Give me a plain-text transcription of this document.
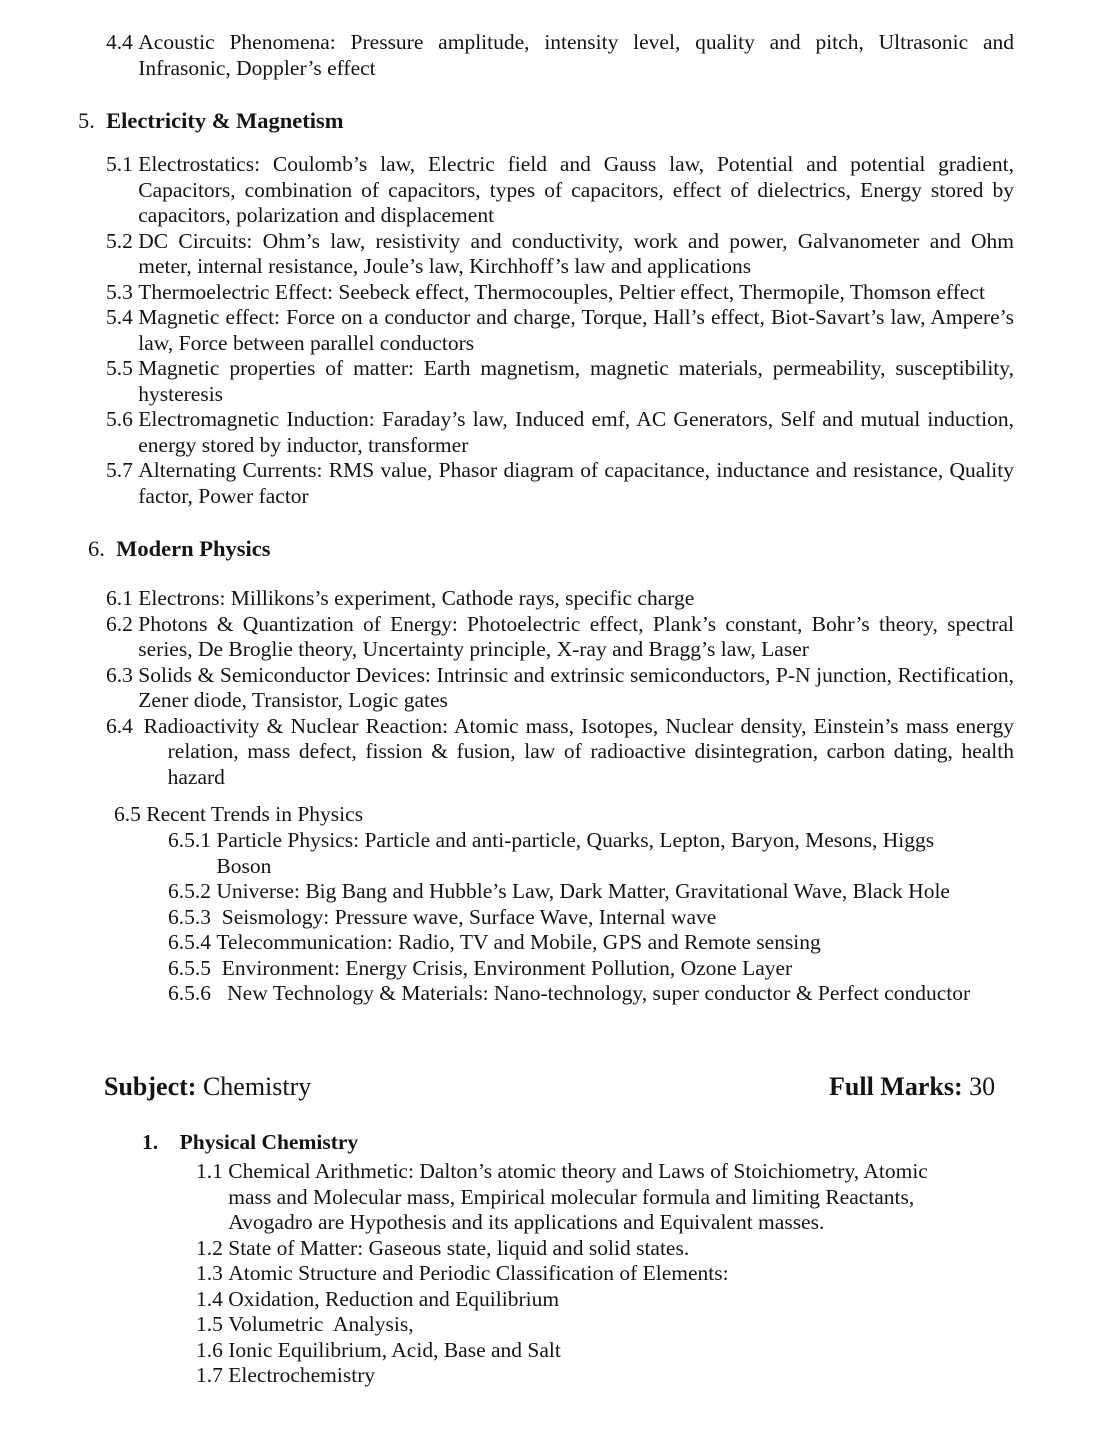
4.4 Acoustic Phenomena: Pressure amplitude, intensity level, quality and pitch, Ultrasonic and Infrasonic, Doppler’s effect
5. Electricity & Magnetism
5.1 Electrostatics: Coulomb’s law, Electric field and Gauss law, Potential and potential gradient, Capacitors, combination of capacitors, types of capacitors, effect of dielectrics, Energy stored by capacitors, polarization and displacement
5.2 DC Circuits: Ohm’s law, resistivity and conductivity, work and power, Galvanometer and Ohm meter, internal resistance, Joule’s law, Kirchhoff’s law and applications
5.3 Thermoelectric Effect: Seebeck effect, Thermocouples, Peltier effect, Thermopile, Thomson effect
5.4 Magnetic effect: Force on a conductor and charge, Torque, Hall’s effect, Biot-Savart’s law, Ampere’s law, Force between parallel conductors
5.5 Magnetic properties of matter: Earth magnetism, magnetic materials, permeability, susceptibility, hysteresis
5.6 Electromagnetic Induction: Faraday’s law, Induced emf, AC Generators, Self and mutual induction, energy stored by inductor, transformer
5.7 Alternating Currents: RMS value, Phasor diagram of capacitance, inductance and resistance, Quality factor, Power factor
6. Modern Physics
6.1 Electrons: Millikons’s experiment, Cathode rays, specific charge
6.2 Photons & Quantization of Energy: Photoelectric effect, Plank’s constant, Bohr’s theory, spectral series, De Broglie theory, Uncertainty principle, X-ray and Bragg’s law, Laser
6.3 Solids & Semiconductor Devices: Intrinsic and extrinsic semiconductors, P-N junction, Rectification, Zener diode, Transistor, Logic gates
6.4 Radioactivity & Nuclear Reaction: Atomic mass, Isotopes, Nuclear density, Einstein’s mass energy relation, mass defect, fission & fusion, law of radioactive disintegration, carbon dating, health hazard
6.5 Recent Trends in Physics
6.5.1 Particle Physics: Particle and anti-particle, Quarks, Lepton, Baryon, Mesons, Higgs Boson
6.5.2 Universe: Big Bang and Hubble’s Law, Dark Matter, Gravitational Wave, Black Hole
6.5.3 Seismology: Pressure wave, Surface Wave, Internal wave
6.5.4 Telecommunication: Radio, TV and Mobile, GPS and Remote sensing
6.5.5 Environment: Energy Crisis, Environment Pollution, Ozone Layer
6.5.6 New Technology & Materials: Nano-technology, super conductor & Perfect conductor
Subject: Chemistry	Full Marks: 30
1. Physical Chemistry
1.1 Chemical Arithmetic: Dalton’s atomic theory and Laws of Stoichiometry, Atomic mass and Molecular mass, Empirical molecular formula and limiting Reactants, Avogadro are Hypothesis and its applications and Equivalent masses.
1.2 State of Matter: Gaseous state, liquid and solid states.
1.3 Atomic Structure and Periodic Classification of Elements:
1.4 Oxidation, Reduction and Equilibrium
1.5 Volumetric  Analysis,
1.6 Ionic Equilibrium, Acid, Base and Salt
1.7 Electrochemistry
